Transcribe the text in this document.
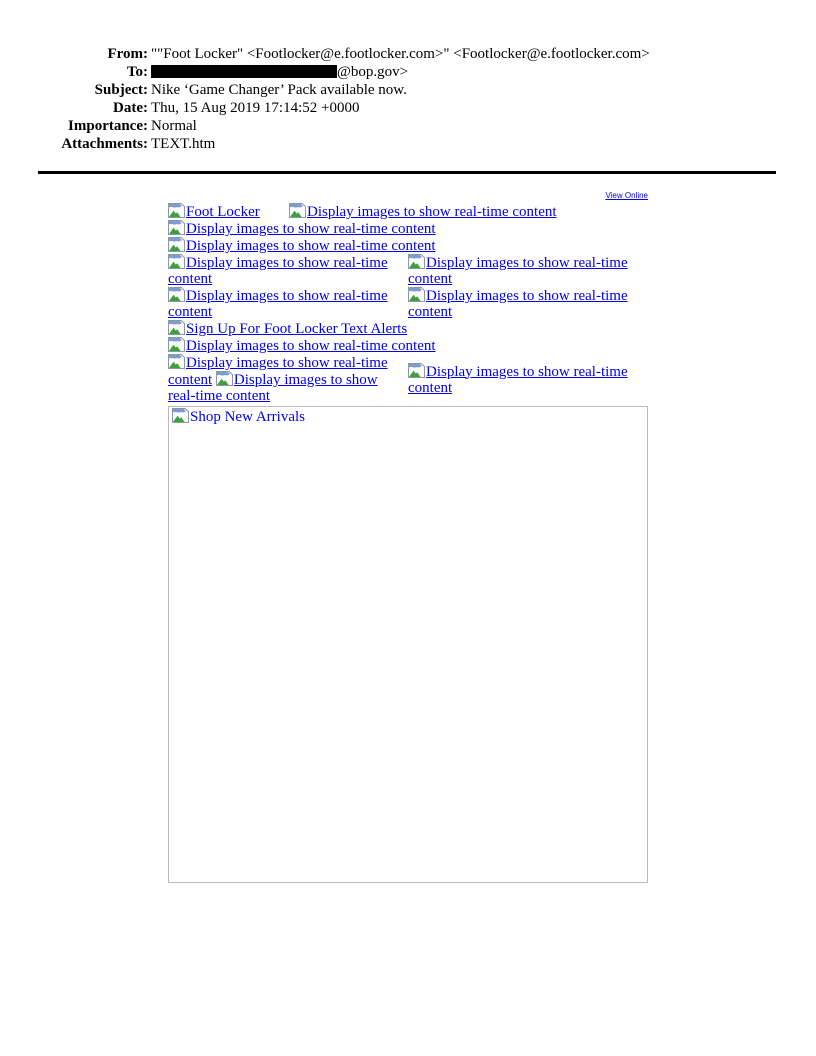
From: ""Foot Locker" <Footlocker@e.footlocker.com>" <Footlocker@e.footlocker.com>
To:	@bop.gov>
Subject: Nike ‘Game Changer’ Pack available now.
Date: Thu, 15 Aug 2019 17:14:52 +0000
Importance: Normal
Attachments: TEXT.htm
View Online
Foot Locker	Display images to show real-time content
Display images to show real-time content
Display images to show real-time content
Display images to show real-time content
Display images to show real-time content
Display images to show real-time content
Display images to show real-time content
Sign Up For Foot Locker Text Alerts
Display images to show real-time content
Display images to show real-time content Display images to show real-time content
Display images to show real-time content
Shop New Arrivals
